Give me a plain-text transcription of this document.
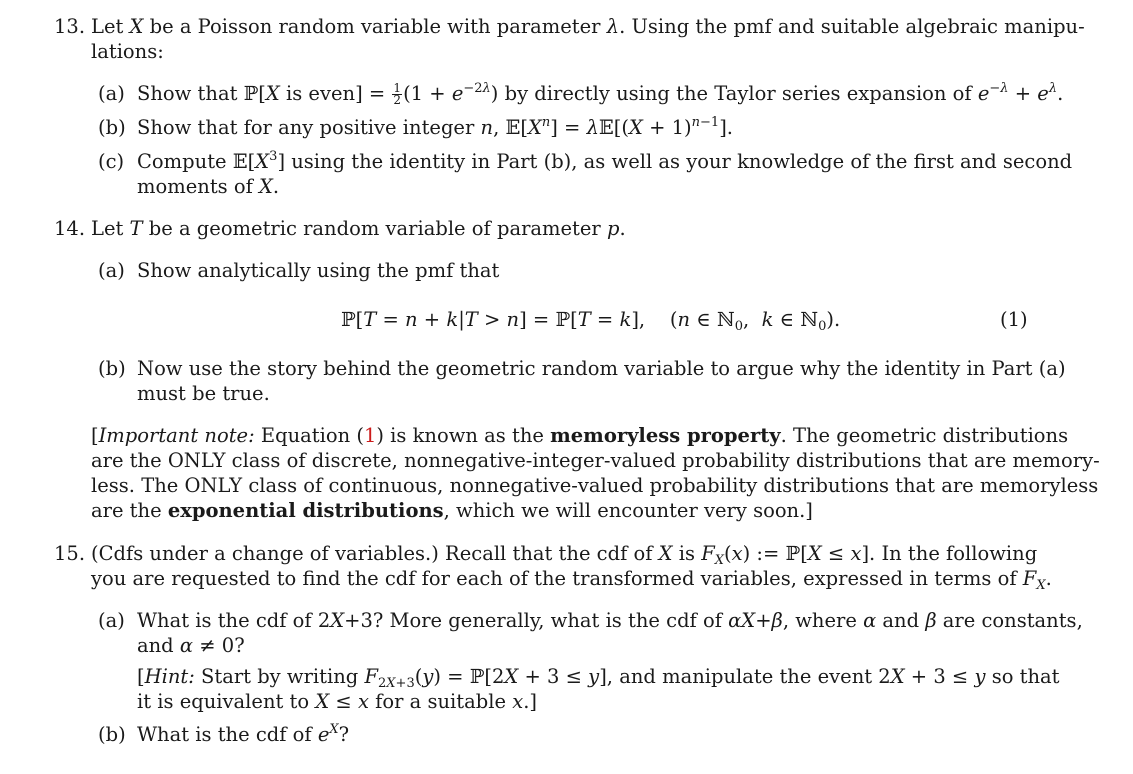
13. Let X be a Poisson random variable with parameter λ. Using the pmf and suitable algebraic manipu-
lations:
(a) Show that ℙ[X is even] = $\frac{1}{2} (1 + e^{-2\lambda})$ by directly using the Taylor series expansion of $e^{-\lambda} + e^\lambda$.
(b) Show that for any positive integer n, $𝔼[X^n]$ = λ𝔼[(X + 1)$^{n-1}$].
(c) Compute $𝔼[X^3]$ using the identity in Part (b), as well as your knowledge of the first and second
moments of X.
14. Let T be a geometric random variable of parameter p.
(a) Show analytically using the pmf that
ℙ[T = n + k|T > n] = ℙ[T = k],    (n ∈ ℕ$_0$,  k ∈ ℕ$_0$).	(1)
(b) Now use the story behind the geometric random variable to argue why the identity in Part (a)
must be true.
[Important note: Equation (1) is known as the memoryless property. The geometric distributions
are the ONLY class of discrete, nonnegative-integer-valued probability distributions that are memory-
less. The ONLY class of continuous, nonnegative-valued probability distributions that are memoryless
are the exponential distributions, which we will encounter very soon.]
15. (Cdfs under a change of variables.) Recall that the cdf of X is $F_X(x)$ := ℙ[X ≤ x]. In the following
you are requested to find the cdf for each of the transformed variables, expressed in terms of $F_X$.
(a) What is the cdf of 2X+3? More generally, what is the cdf of αX+β, where α and β are constants,
and α ≠ 0?
[Hint: Start by writing $F_{2X+3}(y)$ = ℙ[2X + 3 ≤ y], and manipulate the event 2X + 3 ≤ y so that
it is equivalent to X ≤ x for a suitable x.]
(b) What is the cdf of $e^X$?
